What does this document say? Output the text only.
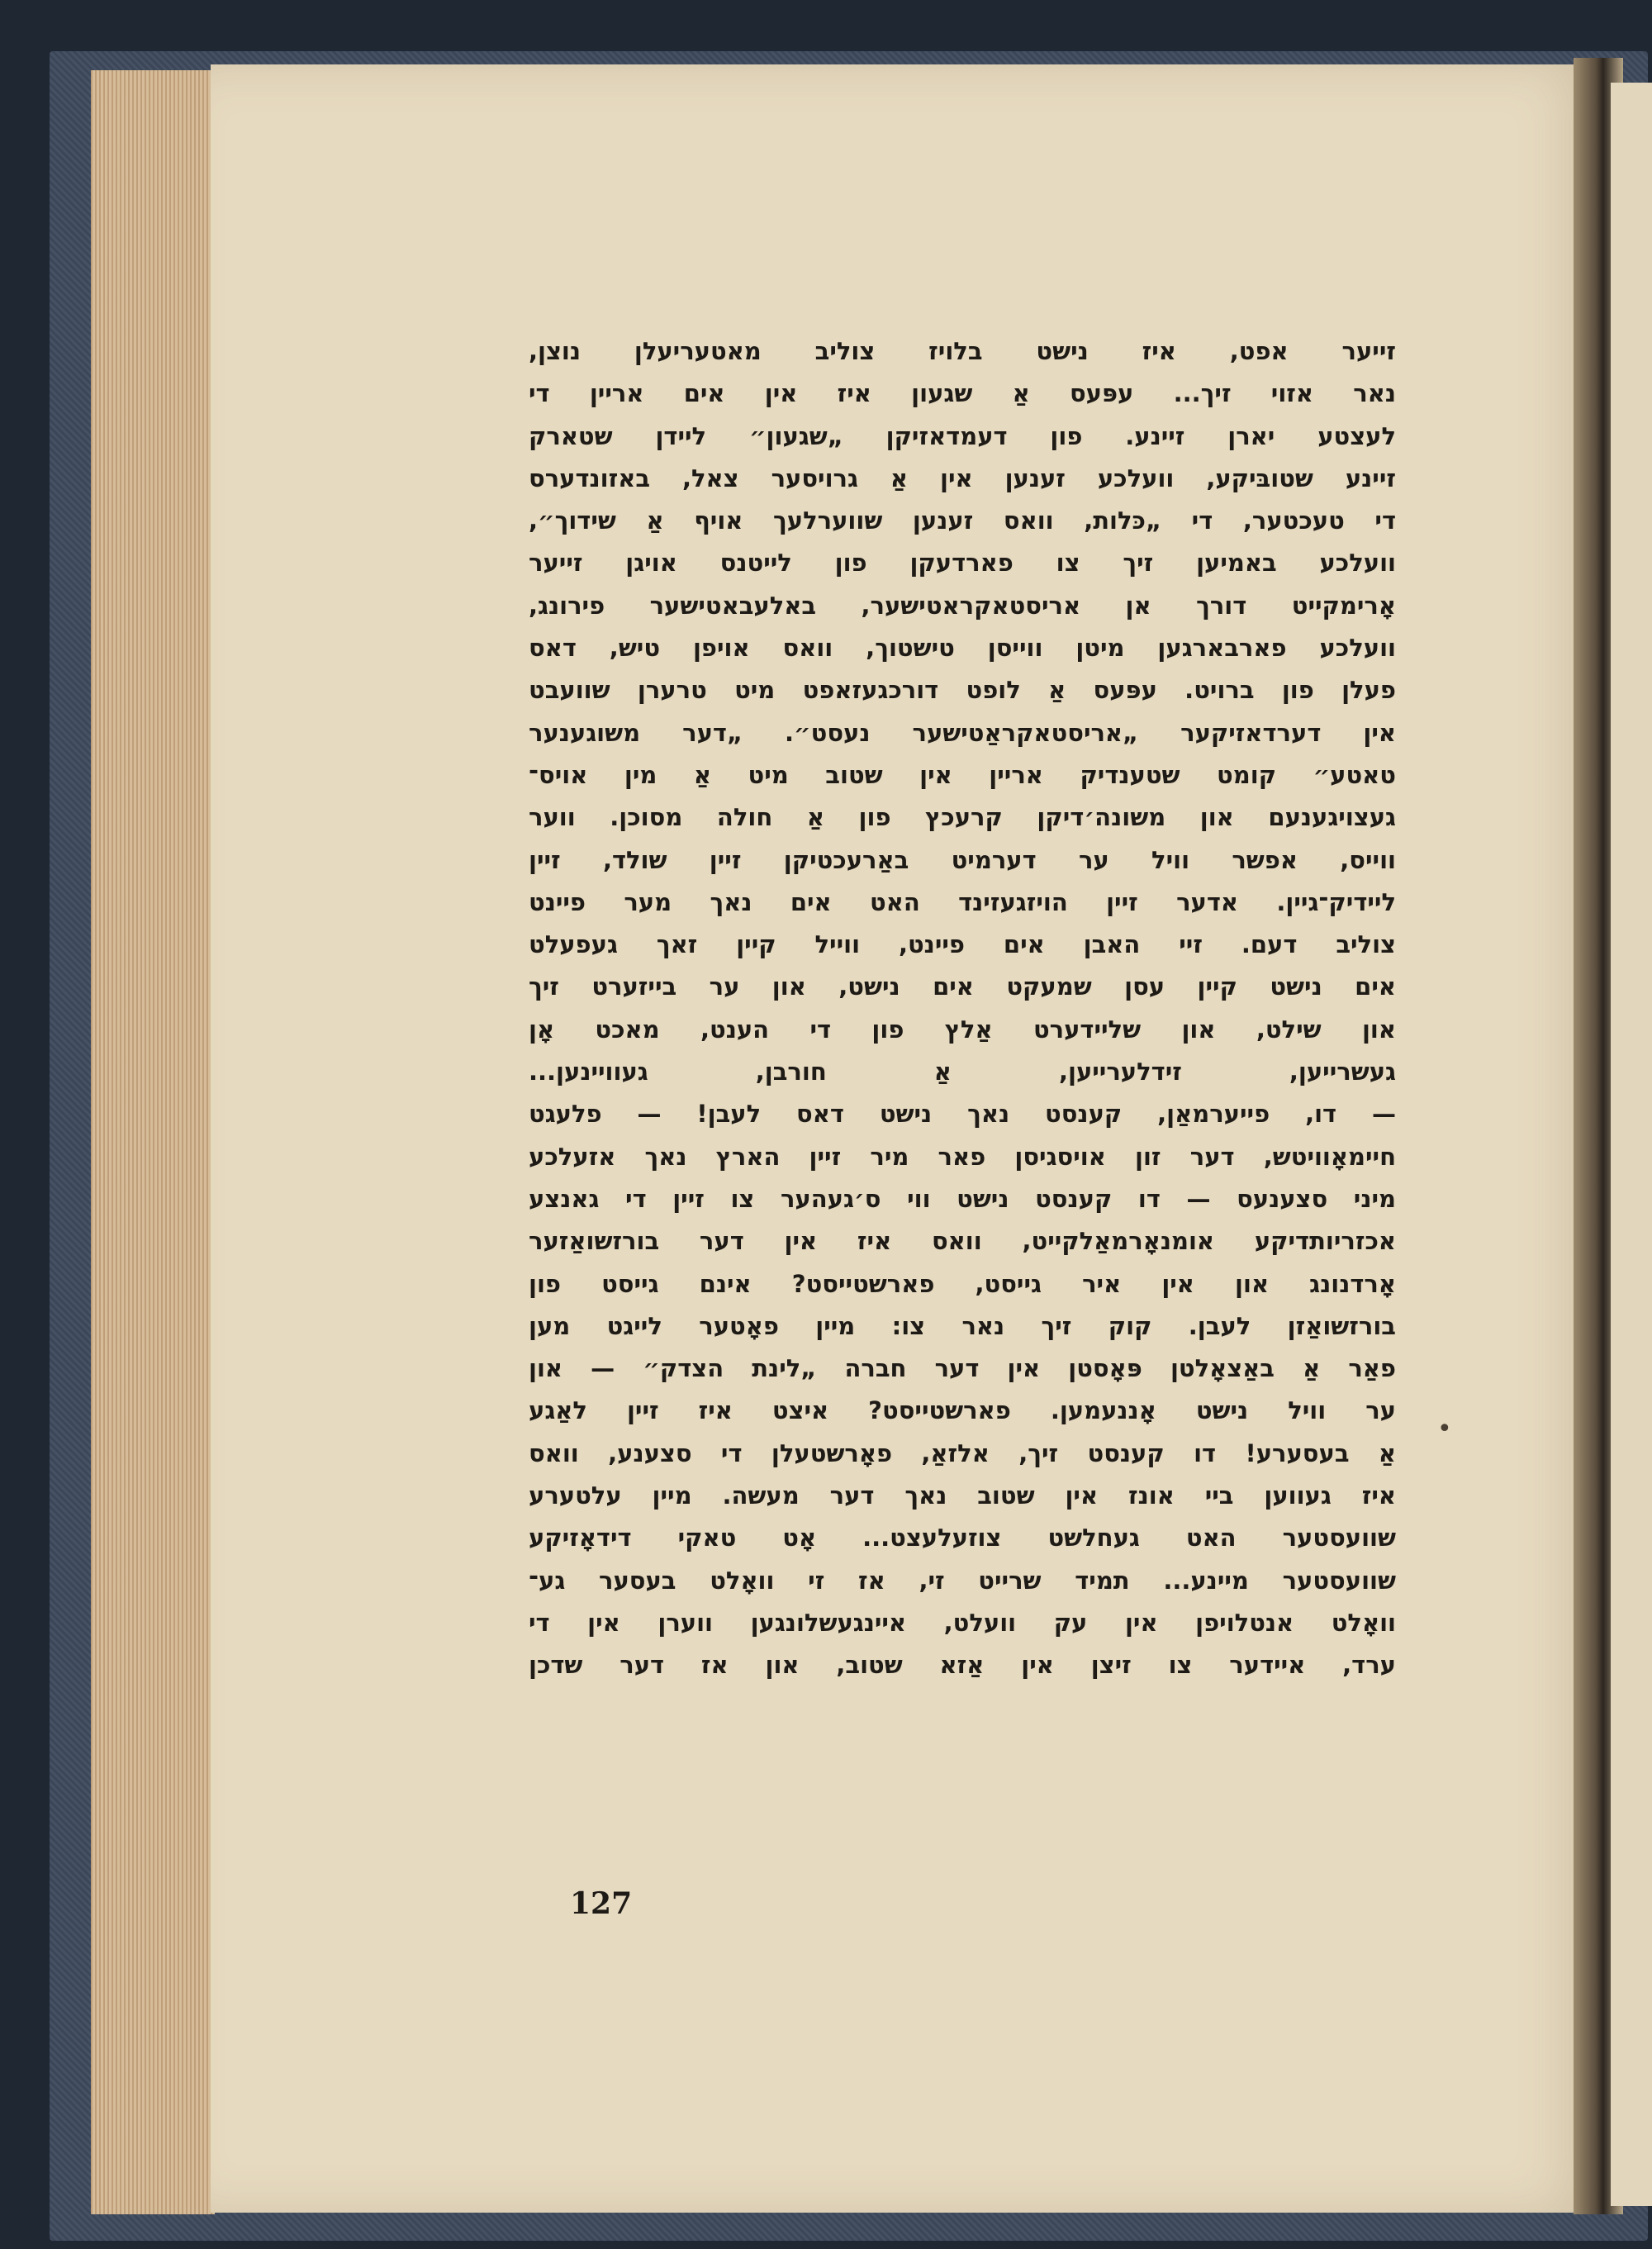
זייער אפט, איז נישט בלויז צוליב מאטעריעלן נוצן,
נאר אזוי זיך... עפּעס אַ שגעון איז אין אים אריין די
לעצטע יארן זיינע. פון דעמדאזיקן „שגעון״ ליידן שטארק
זיינע שטובּיקע, וועלכע זענען אין אַ גרויסער צאל, באזונדערס
די טעכטער, די „כּלות, וואס זענען שווערלעך אויף אַ שידוך״,
וועלכע באמיען זיך צו פארדעקן פון לייטנס אויגן זייער
אָרימקייט דורך אן אריסטאקראטישער, באלעבאטישער פירונג,
וועלכע פארבארגען מיטן ווייסן טישטוך, וואס אויפן טיש, דאס
פעלן פון ברויט. עפּעס אַ לופט דורכגעזאפט מיט טרערן שוועבט
אין דערדאזיקער „אריסטאקראַטישער נעסט״. „דער משוגענער
טאטע״ קומט שטענדיק אריין אין שטוב מיט אַ מין אויס־
געצויגענעם און משונה׳דיקן קרעכץ פון אַ חולה מסוכן. ווער
ווייס, אפשר וויל ער דערמיט באַרעכטיקן זיין שולד, זיין
ליידיק־גיין. אדער זיין הויזגעזינד האט אים נאך מער פיינט
צוליב דעם. זיי האבן אים פיינט, ווייל קיין זאך געפעלט
אים נישט קיין עסן שמעקט אים נישט, און ער בייזערט זיך
און שילט, און שליידערט אַלץ פון די הענט, מאכט אָן
געשרייען, זידלערייען, אַ חורבן, געוויינען...
— דו, פייערמאַן, קענסט נאך נישט דאס לעבן! — פלעגט
חיימאָוויטש, דער זון אויסגיסן פאר מיר זיין הארץ נאך אזעלכע
מיני סצענעס — דו קענסט נישט ווי ס׳געהער צו זיין די גאנצע
אכזריותדיקע אומנאָרמאַלקייט, וואס איז אין דער בורזשואַזער
אָרדנונג און אין איר גייסט, פארשטייסט? אינם גייסט פון
בורזשואַזן לעבן. קוק זיך נאר צו: מיין פאָטער לייגט מען
פאַר אַ באַצאָלטן פּאָסטן אין דער חברה „לינת הצדק״ — און
ער וויל נישט אָננעמען. פארשטייסט? איצט איז זיין לאַגע
אַ בעסערע! דו קענסט זיך, אלזאַ, פאָרשטעלן די סצענע, וואס
איז געווען ביי אונז אין שטוב נאך דער מעשה. מיין עלטערע
שוועסטער האט געחלשט צוזעלעצט... אָט טאקי דידאָזיקע
שוועסטער מיינע... תמיד שרייט זי, אז זי וואָלט בעסער גע־
וואָלט אנטלויפן אין עק וועלט, איינגעשלונגען ווערן אין די
ערד, איידער צו זיצן אין אַזא שטוב, און אז דער שדכן
•
127
